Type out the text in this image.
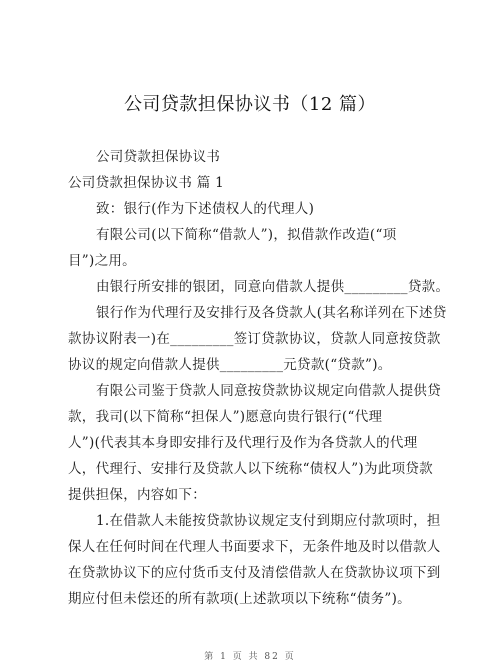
公司贷款担保协议书（12 篇）
公司贷款担保协议书
公司贷款担保协议书 篇 1
致：银行(作为下述债权人的代理人)
有限公司(以下简称“借款人”)，拟借款作改造(“项
目”)之用。
由银行所安排的银团，同意向借款人提供_________贷款。
银行作为代理行及安排行及各贷款人(其名称详列在下述贷
款协议附表一)在_________签订贷款协议，贷款人同意按贷款
协议的规定向借款人提供_________元贷款(“贷款”)。
有限公司鉴于贷款人同意按贷款协议规定向借款人提供贷
款，我司(以下简称“担保人”)愿意向贵行银行(“代理
人”)(代表其本身即安排行及代理行及作为各贷款人的代理
人，代理行、安排行及贷款人以下统称“债权人”)为此项贷款
提供担保，内容如下：
1.在借款人未能按贷款协议规定支付到期应付款项时，担
保人在任何时间在代理人书面要求下，无条件地及时以借款人
在贷款协议下的应付货币支付及清偿借款人在贷款协议项下到
期应付但未偿还的所有款项(上述款项以下统称“债务”)。
第 1 页 共 82 页
